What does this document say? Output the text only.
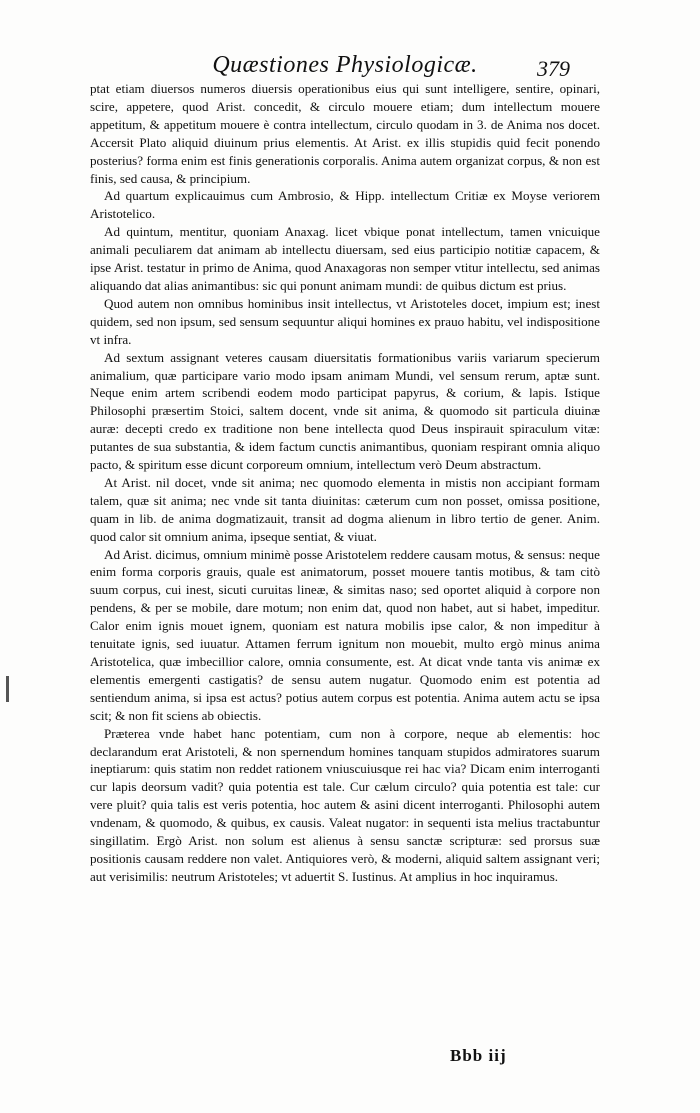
Quæstiones Physiologicæ.	379

ptat etiam diuersos numeros diuersis operationibus eius qui sunt intelligere, sentire, opinari, scire, appetere, quod Arist. concedit, & circulo mouere etiam; dum intellectum mouere appetitum, & appetitum mouere è contra intellectum, circulo quodam in 3. de Anima nos docet. Accersit Plato aliquid diuinum prius elementis. At Arist. ex illis stupidis quid fecit ponendo posterius? forma enim est finis generationis corporalis. Anima autem organizat corpus, & non est finis, sed causa, & principium.

Ad quartum explicauimus cum Ambrosio, & Hipp. intellectum Critiæ ex Moyse veriorem Aristotelico.

Ad quintum, mentitur, quoniam Anaxag. licet vbique ponat intellectum, tamen vnicuique animali peculiarem dat animam ab intellectu diuersam, sed eius participio notitiæ capacem, & ipse Arist. testatur in primo de Anima, quod Anaxagoras non semper vtitur intellectu, sed animas aliquando dat alias animantibus: sic qui ponunt animam mundi: de quibus dictum est prius.

Quod autem non omnibus hominibus insit intellectus, vt Aristoteles docet, impium est; inest quidem, sed non ipsum, sed sensum sequuntur aliqui homines ex prauo habitu, vel indispositione vt infra.

Ad sextum assignant veteres causam diuersitatis formationibus variis variarum specierum animalium, quæ participare vario modo ipsam animam Mundi, vel sensum rerum, aptæ sunt. Neque enim artem scribendi eodem modo participat papyrus, & corium, & lapis. Istique Philosophi præsertim Stoici, saltem docent, vnde sit anima, & quomodo sit particula diuinæ auræ: decepti credo ex traditione non bene intellecta quod Deus inspirauit spiraculum vitæ: putantes de sua substantia, & idem factum cunctis animantibus, quoniam respirant omnia aliquo pacto, & spiritum esse dicunt corporeum omnium, intellectum verò Deum abstractum.

At Arist. nil docet, vnde sit anima; nec quomodo elementa in mistis non accipiant formam talem, quæ sit anima; nec vnde sit tanta diuinitas: cæterum cum non posset, omissa positione, quam in lib. de anima dogmatizauit, transit ad dogma alienum in libro tertio de gener. Anim. quod calor sit omnium anima, ipseque sentiat, & viuat.

Ad Arist. dicimus, omnium minimè posse Aristotelem reddere causam motus, & sensus: neque enim forma corporis grauis, quale est animatorum, posset mouere tantis motibus, & tam citò suum corpus, cui inest, sicuti curuitas lineæ, & simitas naso; sed oportet aliquid à corpore non pendens, & per se mobile, dare motum; non enim dat, quod non habet, aut si habet, impeditur. Calor enim ignis mouet ignem, quoniam est natura mobilis ipse calor, & non impeditur à tenuitate ignis, sed iuuatur. Attamen ferrum ignitum non mouebit, multo ergò minus anima Aristotelica, quæ imbecillior calore, omnia consumente, est. At dicat vnde tanta vis animæ ex elementis emergenti castigatis? de sensu autem nugatur. Quomodo enim est potentia ad sentiendum anima, si ipsa est actus? potius autem corpus est potentia. Anima autem actu se ipsa scit; & non fit sciens ab obiectis.

Præterea vnde habet hanc potentiam, cum non à corpore, neque ab elementis: hoc declarandum erat Aristoteli, & non spernendum homines tanquam stupidos admiratores suarum ineptiarum: quis statim non reddet rationem vniuscuiusque rei hac via? Dicam enim interroganti cur lapis deorsum vadit? quia potentia est tale. Cur cælum circulo? quia potentia est tale: cur vere pluit? quia talis est veris potentia, hoc autem & asini dicent interroganti. Philosophi autem vndenam, & quomodo, & quibus, ex causis. Valeat nugator: in sequenti ista melius tractabuntur singillatim. Ergò Arist. non solum est alienus à sensu sanctæ scripturæ: sed prorsus suæ positionis causam reddere non valet. Antiquiores verò, & moderni, aliquid saltem assignant veri; aut verisimilis: neutrum Aristoteles; vt aduertit S. Iustinus. At amplius in hoc inquiramus.

Bbb iij
